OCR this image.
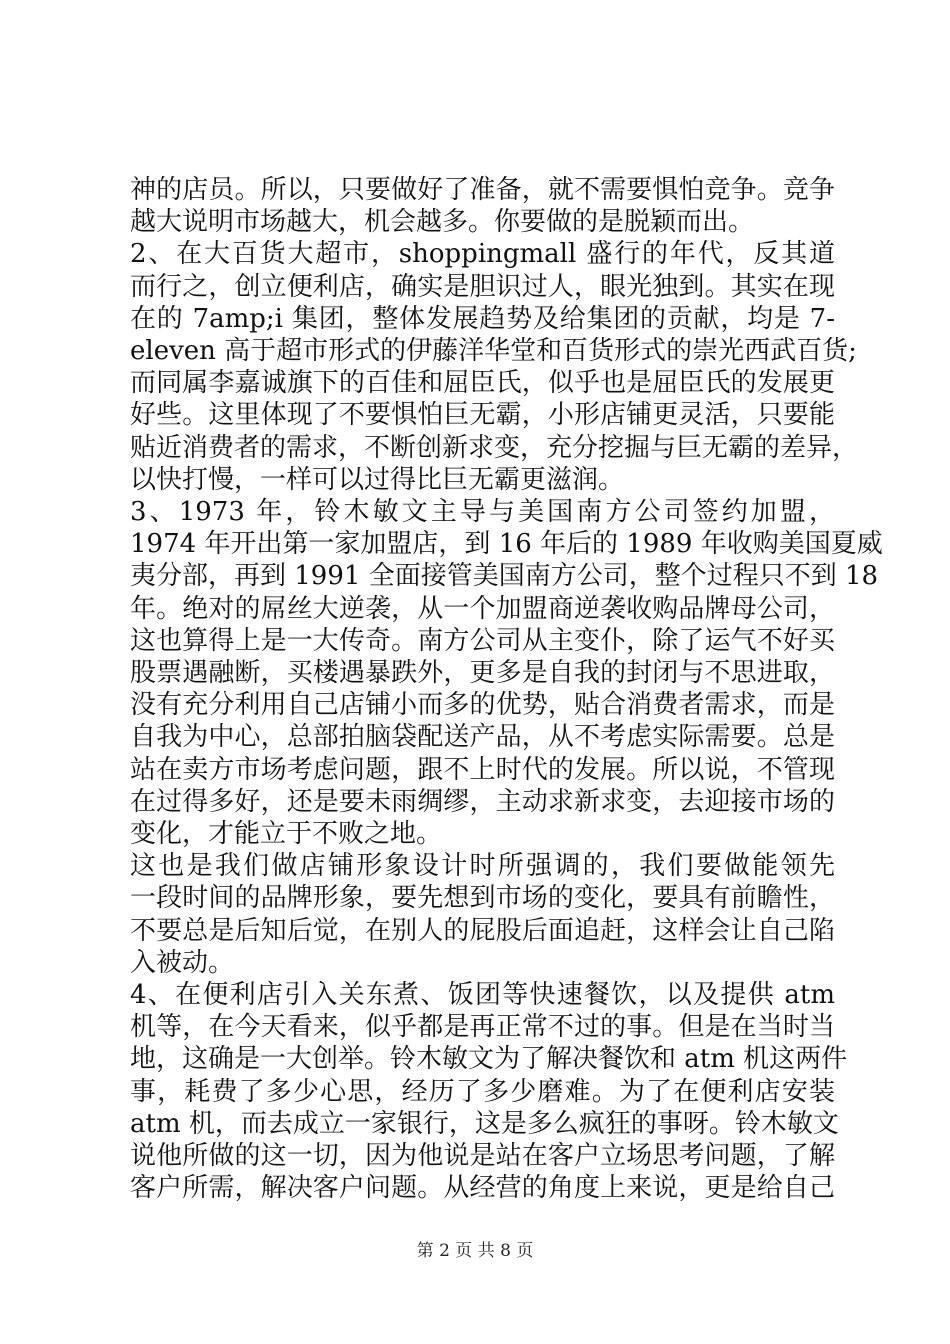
神的店员。所以，只要做好了准备，就不需要惧怕竞争。竞争
越大说明市场越大，机会越多。你要做的是脱颖而出。
2、在大百货大超市，shoppingmall 盛行的年代，反其道
而行之，创立便利店，确实是胆识过人，眼光独到。其实在现
在的 7amp;i 集团，整体发展趋势及给集团的贡献，均是 7-
eleven 高于超市形式的伊藤洋华堂和百货形式的崇光西武百货;
而同属李嘉诚旗下的百佳和屈臣氏，似乎也是屈臣氏的发展更
好些。这里体现了不要惧怕巨无霸，小形店铺更灵活，只要能
贴近消费者的需求，不断创新求变，充分挖掘与巨无霸的差异，
以快打慢，一样可以过得比巨无霸更滋润。
3、1973 年，铃木敏文主导与美国南方公司签约加盟，
1974 年开出第一家加盟店，到 16 年后的 1989 年收购美国夏威
夷分部，再到 1991 全面接管美国南方公司，整个过程只不到 18
年。绝对的屌丝大逆袭，从一个加盟商逆袭收购品牌母公司，
这也算得上是一大传奇。南方公司从主变仆，除了运气不好买
股票遇融断，买楼遇暴跌外，更多是自我的封闭与不思进取，
没有充分利用自己店铺小而多的优势，贴合消费者需求，而是
自我为中心，总部拍脑袋配送产品，从不考虑实际需要。总是
站在卖方市场考虑问题，跟不上时代的发展。所以说，不管现
在过得多好，还是要未雨绸缪，主动求新求变，去迎接市场的
变化，才能立于不败之地。
这也是我们做店铺形象设计时所强调的，我们要做能领先
一段时间的品牌形象，要先想到市场的变化，要具有前瞻性，
不要总是后知后觉，在别人的屁股后面追赶，这样会让自己陷
入被动。
4、在便利店引入关东煮、饭团等快速餐饮，以及提供 atm
机等，在今天看来，似乎都是再正常不过的事。但是在当时当
地，这确是一大创举。铃木敏文为了解决餐饮和 atm 机这两件
事，耗费了多少心思，经历了多少磨难。为了在便利店安装
atm 机，而去成立一家银行，这是多么疯狂的事呀。铃木敏文
说他所做的这一切，因为他说是站在客户立场思考问题，了解
客户所需，解决客户问题。从经营的角度上来说，更是给自己
第 2 页 共 8 页
